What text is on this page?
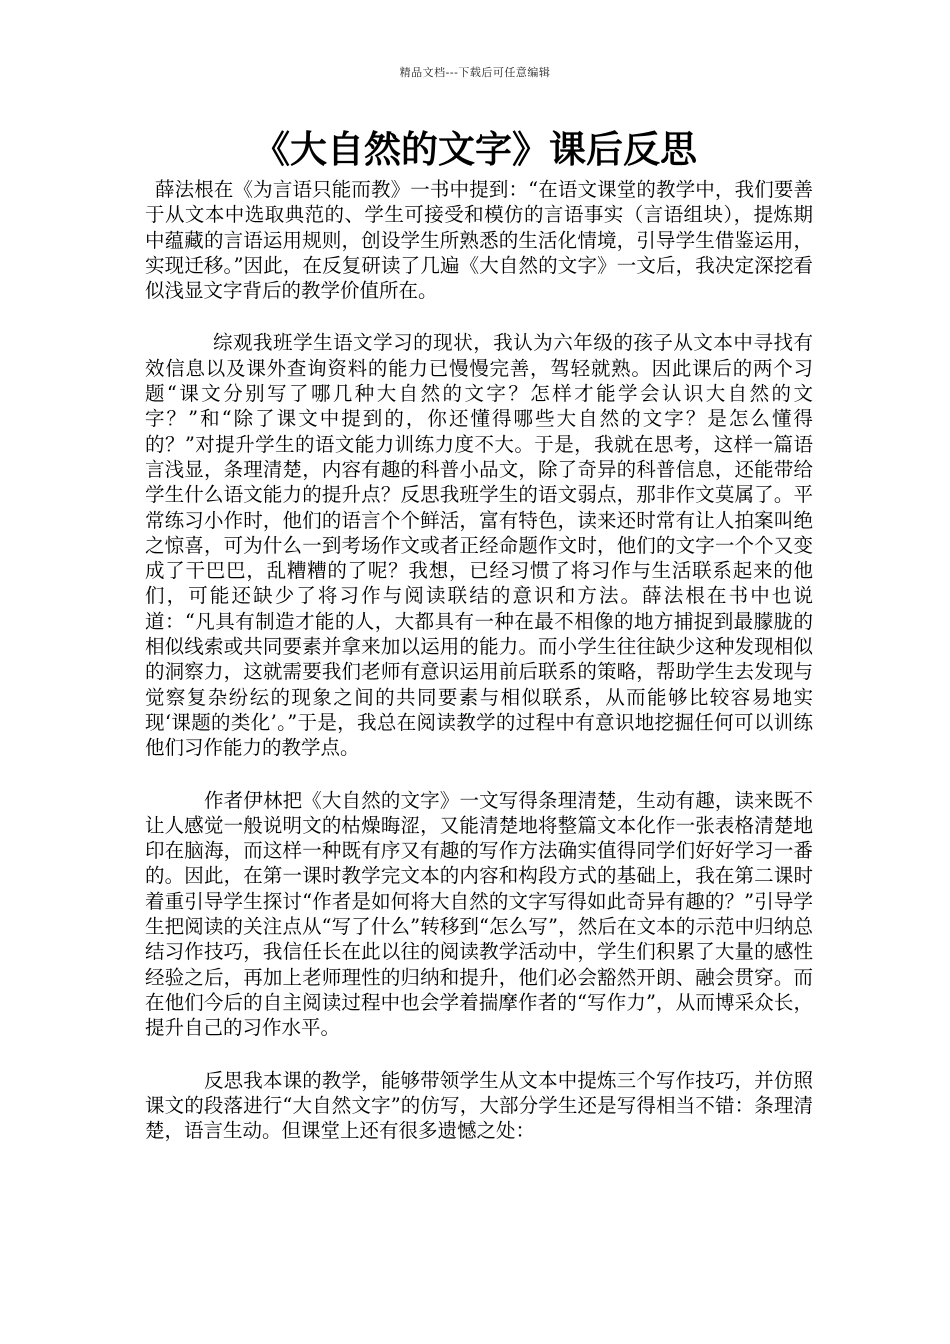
精品文档---下载后可任意编辑
《大自然的文字》课后反思

薛法根在《为言语只能而教》一书中提到：“在语文课堂的教学中，我们要善于从文本中选取典范的、学生可接受和模仿的言语事实（言语组块），提炼期中蕴藏的言语运用规则，创设学生所熟悉的生活化情境，引导学生借鉴运用，实现迁移。”因此，在反复研读了几遍《大自然的文字》一文后，我决定深挖看似浅显文字背后的教学价值所在。

综观我班学生语文学习的现状，我认为六年级的孩子从文本中寻找有效信息以及课外查询资料的能力已慢慢完善，驾轻就熟。因此课后的两个习题“课文分别写了哪几种大自然的文字？怎样才能学会认识大自然的文字？”和“除了课文中提到的，你还懂得哪些大自然的文字？是怎么懂得的？”对提升学生的语文能力训练力度不大。于是，我就在思考，这样一篇语言浅显，条理清楚，内容有趣的科普小品文，除了奇异的科普信息，还能带给学生什么语文能力的提升点？反思我班学生的语文弱点，那非作文莫属了。平常练习小作时，他们的语言个个鲜活，富有特色，读来还时常有让人拍案叫绝之惊喜，可为什么一到考场作文或者正经命题作文时，他们的文字一个个又变成了干巴巴，乱糟糟的了呢？我想，已经习惯了将习作与生活联系起来的他们，可能还缺少了将习作与阅读联结的意识和方法。薛法根在书中也说道：“凡具有制造才能的人，大都具有一种在最不相像的地方捕捉到最朦胧的相似线索或共同要素并拿来加以运用的能力。而小学生往往缺少这种发现相似的洞察力，这就需要我们老师有意识运用前后联系的策略，帮助学生去发现与觉察复杂纷纭的现象之间的共同要素与相似联系，从而能够比较容易地实现‘课题的类化’。”于是，我总在阅读教学的过程中有意识地挖掘任何可以训练他们习作能力的教学点。

作者伊林把《大自然的文字》一文写得条理清楚，生动有趣，读来既不让人感觉一般说明文的枯燥晦涩，又能清楚地将整篇文本化作一张表格清楚地印在脑海，而这样一种既有序又有趣的写作方法确实值得同学们好好学习一番的。因此，在第一课时教学完文本的内容和构段方式的基础上，我在第二课时着重引导学生探讨“作者是如何将大自然的文字写得如此奇异有趣的？”引导学生把阅读的关注点从“写了什么”转移到“怎么写”，然后在文本的示范中归纳总结习作技巧，我信任长在此以往的阅读教学活动中，学生们积累了大量的感性经验之后，再加上老师理性的归纳和提升，他们必会豁然开朗、融会贯穿。而在他们今后的自主阅读过程中也会学着揣摩作者的“写作力”，从而博采众长，提升自己的习作水平。

反思我本课的教学，能够带领学生从文本中提炼三个写作技巧，并仿照课文的段落进行“大自然文字”的仿写，大部分学生还是写得相当不错：条理清楚，语言生动。但课堂上还有很多遗憾之处：
